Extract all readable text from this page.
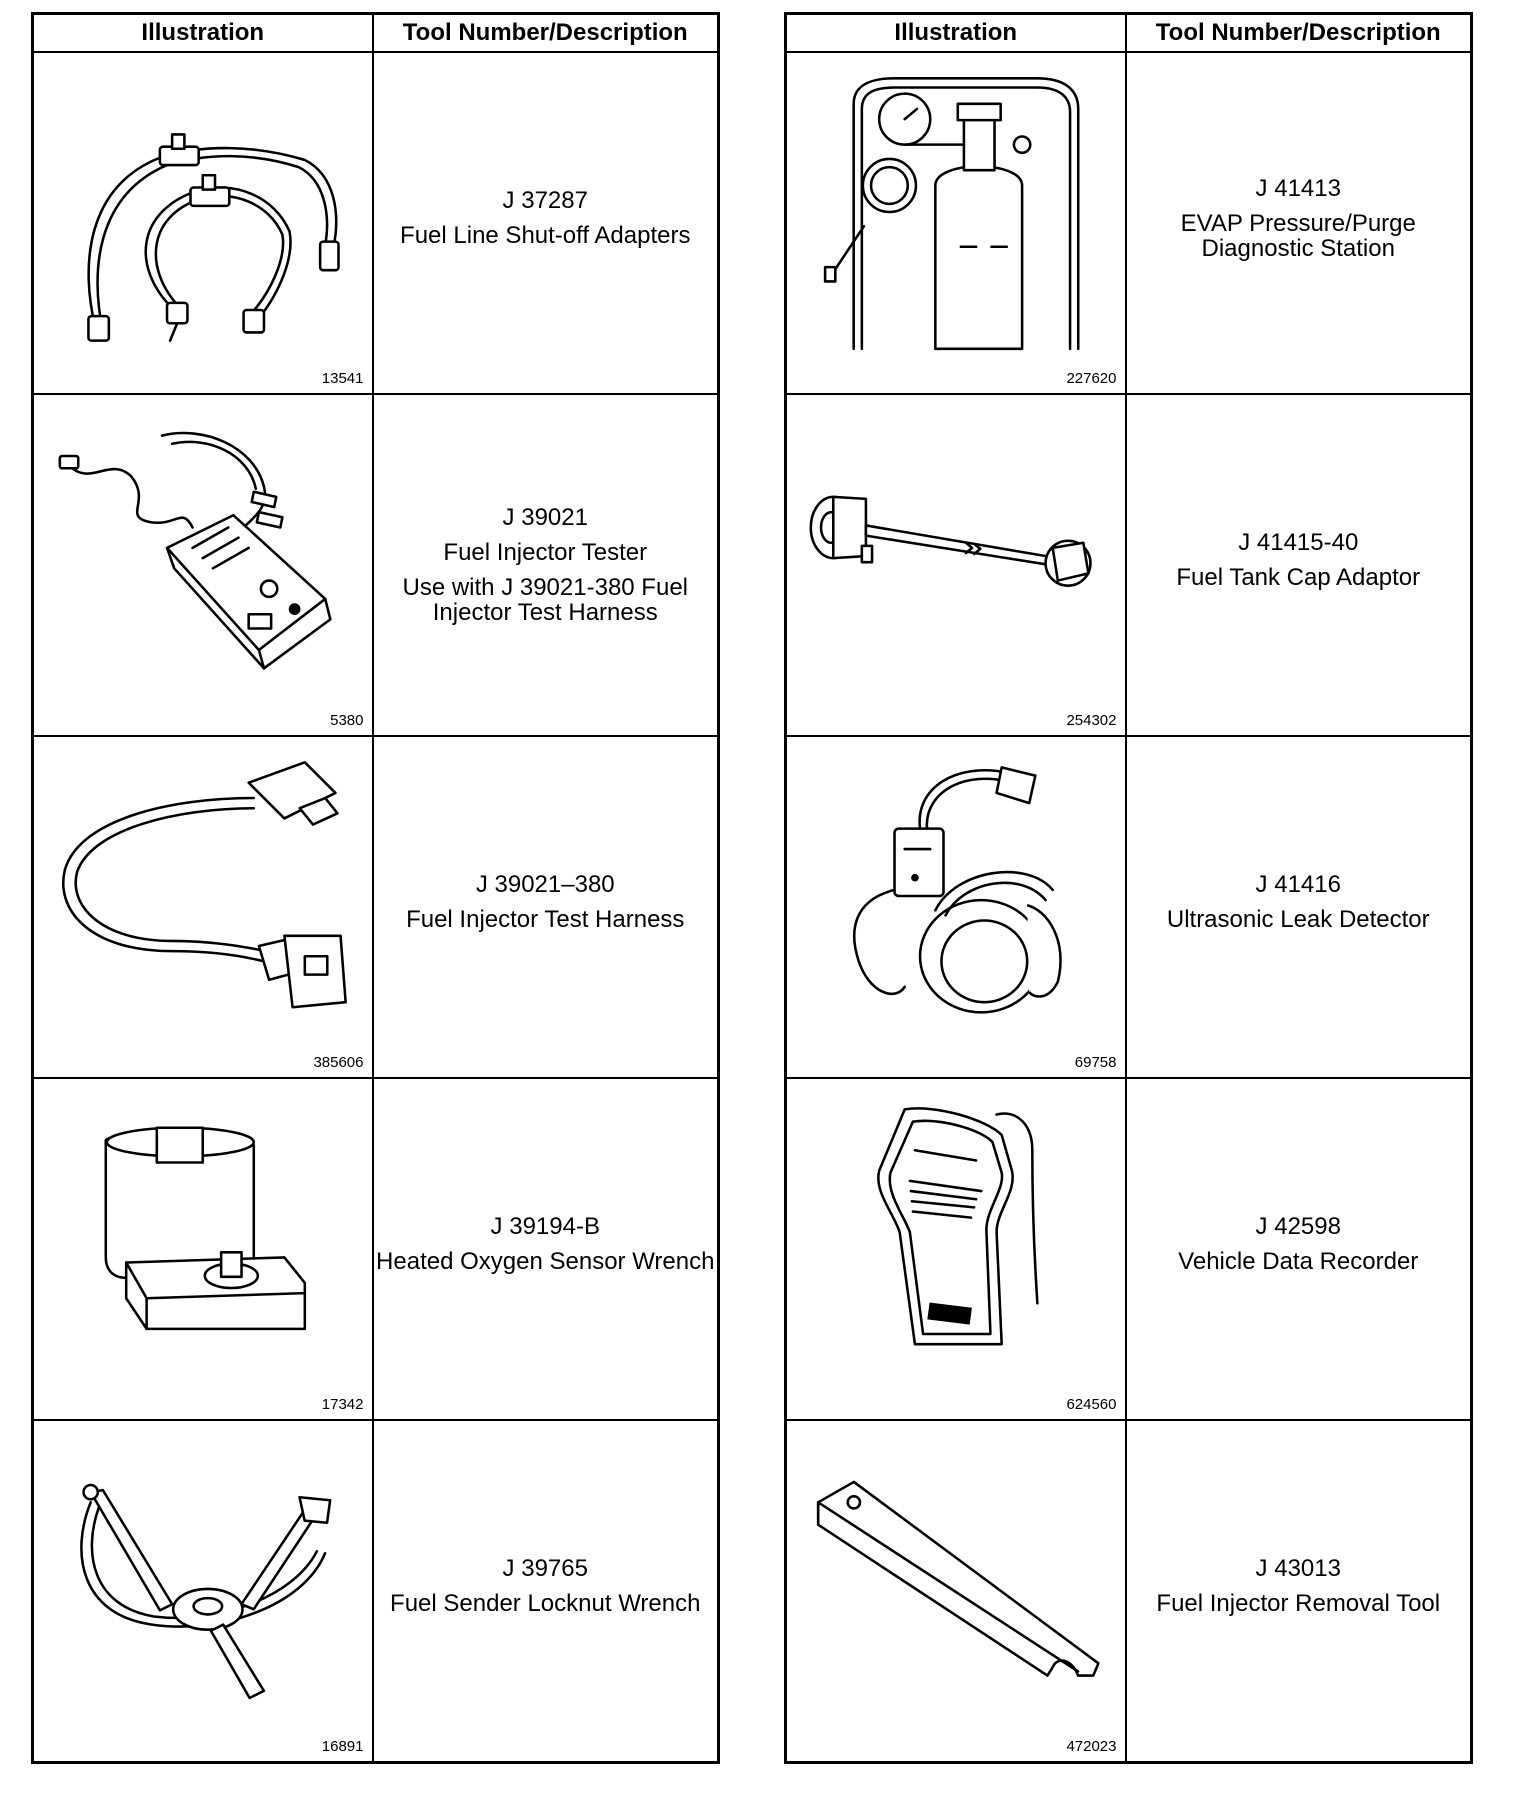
Illustration	Tool Number/Description

13541	J 37287
Fuel Line Shut-off Adapters

5380	J 39021
Fuel Injector Tester
Use with J 39021-380 Fuel Injector Test Harness

385606	J 39021–380
Fuel Injector Test Harness

17342	J 39194-B
Heated Oxygen Sensor Wrench

16891	J 39765
Fuel Sender Locknut Wrench
Illustration	Tool Number/Description

227620	J 41413
EVAP Pressure/Purge Diagnostic Station

254302	J 41415-40
Fuel Tank Cap Adaptor

69758	J 41416
Ultrasonic Leak Detector

624560	J 42598
Vehicle Data Recorder

472023	J 43013
Fuel Injector Removal Tool
